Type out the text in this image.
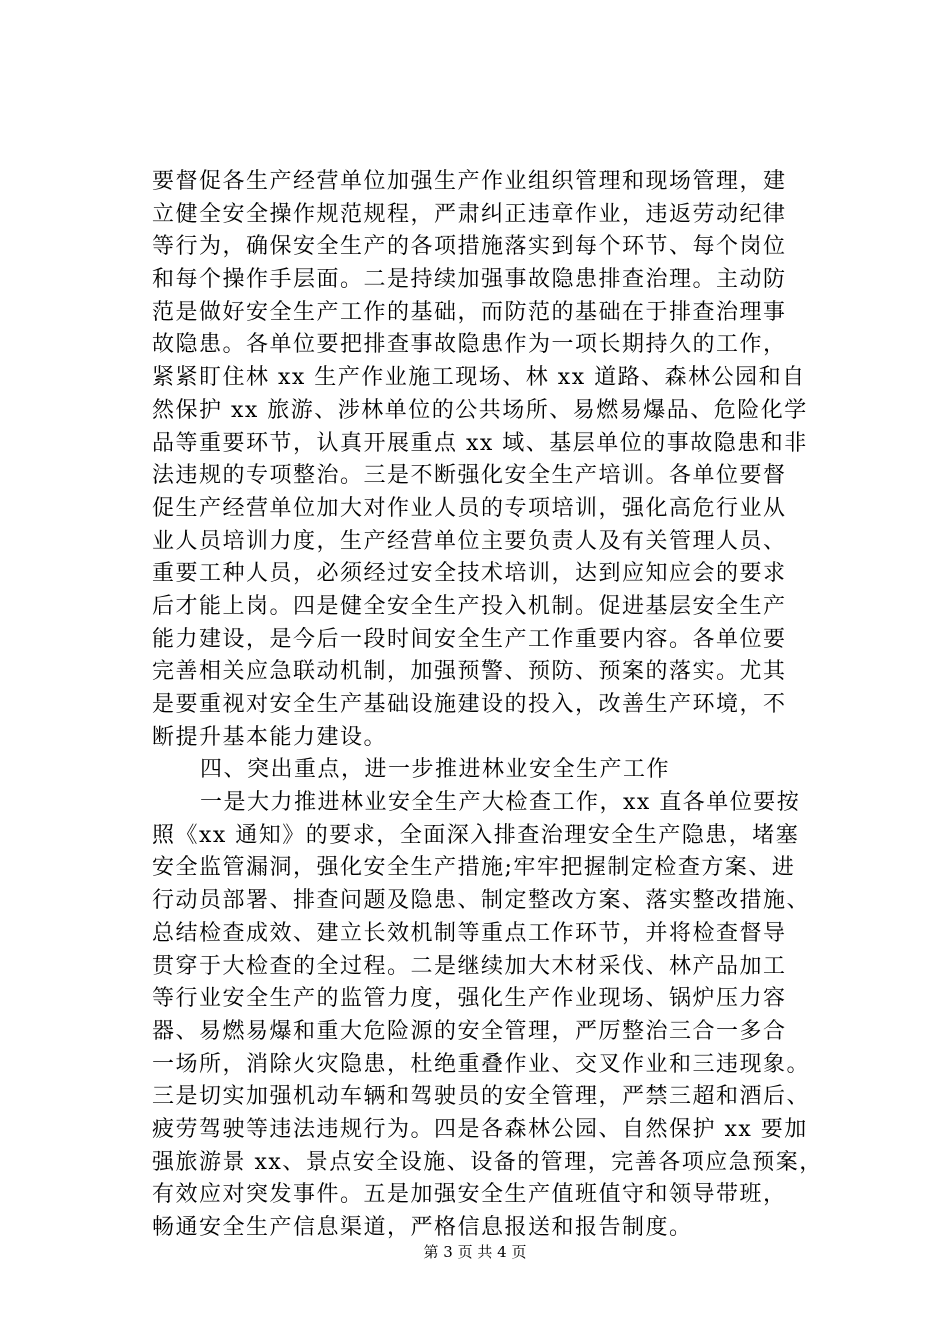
要督促各生产经营单位加强生产作业组织管理和现场管理，建
立健全安全操作规范规程，严肃纠正违章作业，违返劳动纪律
等行为，确保安全生产的各项措施落实到每个环节、每个岗位
和每个操作手层面。二是持续加强事故隐患排查治理。主动防
范是做好安全生产工作的基础，而防范的基础在于排查治理事
故隐患。各单位要把排查事故隐患作为一项长期持久的工作，
紧紧盯住林 xx 生产作业施工现场、林 xx 道路、森林公园和自
然保护 xx 旅游、涉林单位的公共场所、易燃易爆品、危险化学
品等重要环节，认真开展重点 xx 域、基层单位的事故隐患和非
法违规的专项整治。三是不断强化安全生产培训。各单位要督
促生产经营单位加大对作业人员的专项培训，强化高危行业从
业人员培训力度，生产经营单位主要负责人及有关管理人员、
重要工种人员，必须经过安全技术培训，达到应知应会的要求
后才能上岗。四是健全安全生产投入机制。促进基层安全生产
能力建设，是今后一段时间安全生产工作重要内容。各单位要
完善相关应急联动机制，加强预警、预防、预案的落实。尤其
是要重视对安全生产基础设施建设的投入，改善生产环境，不
断提升基本能力建设。
四、突出重点，进一步推进林业安全生产工作
一是大力推进林业安全生产大检查工作，xx 直各单位要按
照《xx 通知》的要求，全面深入排查治理安全生产隐患，堵塞
安全监管漏洞，强化安全生产措施;牢牢把握制定检查方案、进
行动员部署、排查问题及隐患、制定整改方案、落实整改措施、
总结检查成效、建立长效机制等重点工作环节，并将检查督导
贯穿于大检查的全过程。二是继续加大木材采伐、林产品加工
等行业安全生产的监管力度，强化生产作业现场、锅炉压力容
器、易燃易爆和重大危险源的安全管理，严厉整治三合一多合
一场所，消除火灾隐患，杜绝重叠作业、交叉作业和三违现象。
三是切实加强机动车辆和驾驶员的安全管理，严禁三超和酒后、
疲劳驾驶等违法违规行为。四是各森林公园、自然保护 xx 要加
强旅游景 xx、景点安全设施、设备的管理，完善各项应急预案，
有效应对突发事件。五是加强安全生产值班值守和领导带班，
畅通安全生产信息渠道，严格信息报送和报告制度。
第 3 页 共 4 页
